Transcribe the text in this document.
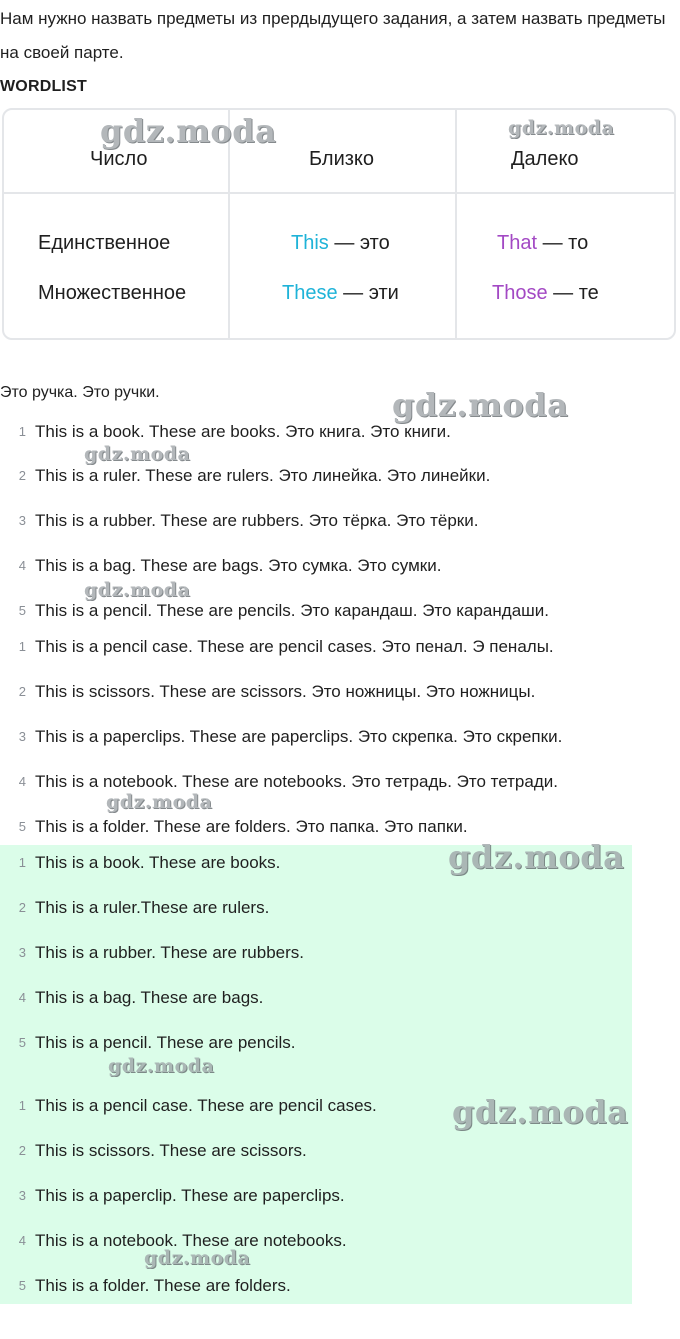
Нам нужно назвать предметы из прердыдущего задания, а затем назвать предметы на своей парте.

WORDLIST
Число	Близко	Далеко
Единственное	This — это	That — то
Множественное	These — эти	Those — те
Это ручка. Это ручки.
1 This is a book. These are books. Это книга. Это книги.
2 This is a ruler. These are rulers. Это линейка. Это линейки.
3 This is a rubber. These are rubbers. Это тёрка. Это тёрки.
4 This is a bag. These are bags. Это сумка. Это сумки.
5 This is a pencil. These are pencils. Это карандаш. Это карандаши.
1 This is a pencil case. These are pencil cases. Это пенал. Э пеналы.
2 This is scissors. These are scissors. Это ножницы. Это ножницы.
3 This is a paperclips. These are paperclips. Это скрепка. Это скрепки.
4 This is a notebook. These are notebooks. Это тетрадь. Это тетради.
5 This is a folder. These are folders. Это папка. Это папки.
1 This is a book. These are books.
2 This is a ruler.These are rulers.
3 This is a rubber. These are rubbers.
4 This is a bag. These are bags.
5 This is a pencil. These are pencils.
1 This is a pencil case. These are pencil cases.
2 This is scissors. These are scissors.
3 This is a paperclip. These are paperclips.
4 This is a notebook. These are notebooks.
5 This is a folder. These are folders.
gdz.moda	gdz.moda
gdz.moda
gdz.moda
gdz.moda
gdz.moda
gdz.moda
gdz.moda
gdz.moda
gdz.moda
